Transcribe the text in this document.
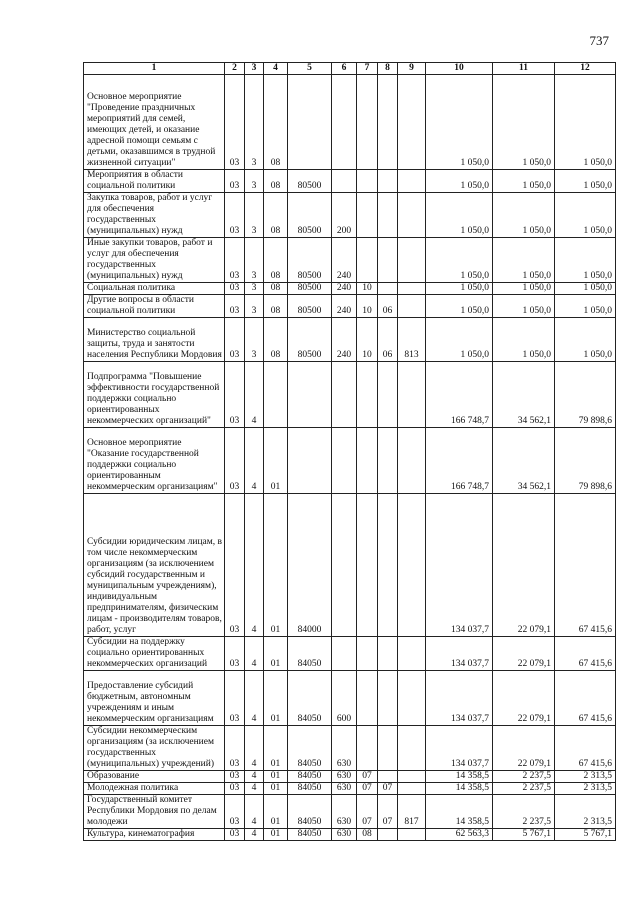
737
1	2	3	4	5	6	7	8	9	10	11	12
Основное мероприятие "Проведение праздничных мероприятий для семей, имеющих детей, и оказание адресной помощи семьям с детьми, оказавшимся в трудной жизненной ситуации"	03	3	08						1 050,0	1 050,0	1 050,0
Мероприятия в области социальной политики	03	3	08	80500					1 050,0	1 050,0	1 050,0
Закупка товаров, работ и услуг для обеспечения государственных (муниципальных) нужд	03	3	08	80500	200				1 050,0	1 050,0	1 050,0
Иные закупки товаров, работ и услуг для обеспечения государственных (муниципальных) нужд	03	3	08	80500	240				1 050,0	1 050,0	1 050,0
Социальная политика	03	3	08	80500	240	10			1 050,0	1 050,0	1 050,0
Другие вопросы в области социальной политики	03	3	08	80500	240	10	06		1 050,0	1 050,0	1 050,0
Министерство социальной защиты, труда и занятости населения Республики Мордовия	03	3	08	80500	240	10	06	813	1 050,0	1 050,0	1 050,0
Подпрограмма "Повышение эффективности государственной поддержки социально ориентированных некоммерческих организаций"	03	4							166 748,7	34 562,1	79 898,6
Основное мероприятие "Оказание государственной поддержки социально ориентированным некоммерческим организациям"	03	4	01						166 748,7	34 562,1	79 898,6
Субсидии юридическим лицам, в том числе некоммерческим организациям (за исключением субсидий государственным и муниципальным учреждениям), индивидуальным предпринимателям, физическим лицам - производителям товаров, работ, услуг	03	4	01	84000					134 037,7	22 079,1	67 415,6
Субсидии на поддержку социально ориентированных некоммерческих организаций	03	4	01	84050					134 037,7	22 079,1	67 415,6
Предоставление субсидий бюджетным, автономным учреждениям и иным некоммерческим организациям	03	4	01	84050	600				134 037,7	22 079,1	67 415,6
Субсидии некоммерческим организациям (за исключением государственных (муниципальных) учреждений)	03	4	01	84050	630				134 037,7	22 079,1	67 415,6
Образование	03	4	01	84050	630	07			14 358,5	2 237,5	2 313,5
Молодежная политика	03	4	01	84050	630	07	07		14 358,5	2 237,5	2 313,5
Государственный комитет Республики Мордовия по делам молодежи	03	4	01	84050	630	07	07	817	14 358,5	2 237,5	2 313,5
Культура, кинематография	03	4	01	84050	630	08			62 563,3	5 767,1	5 767,1
